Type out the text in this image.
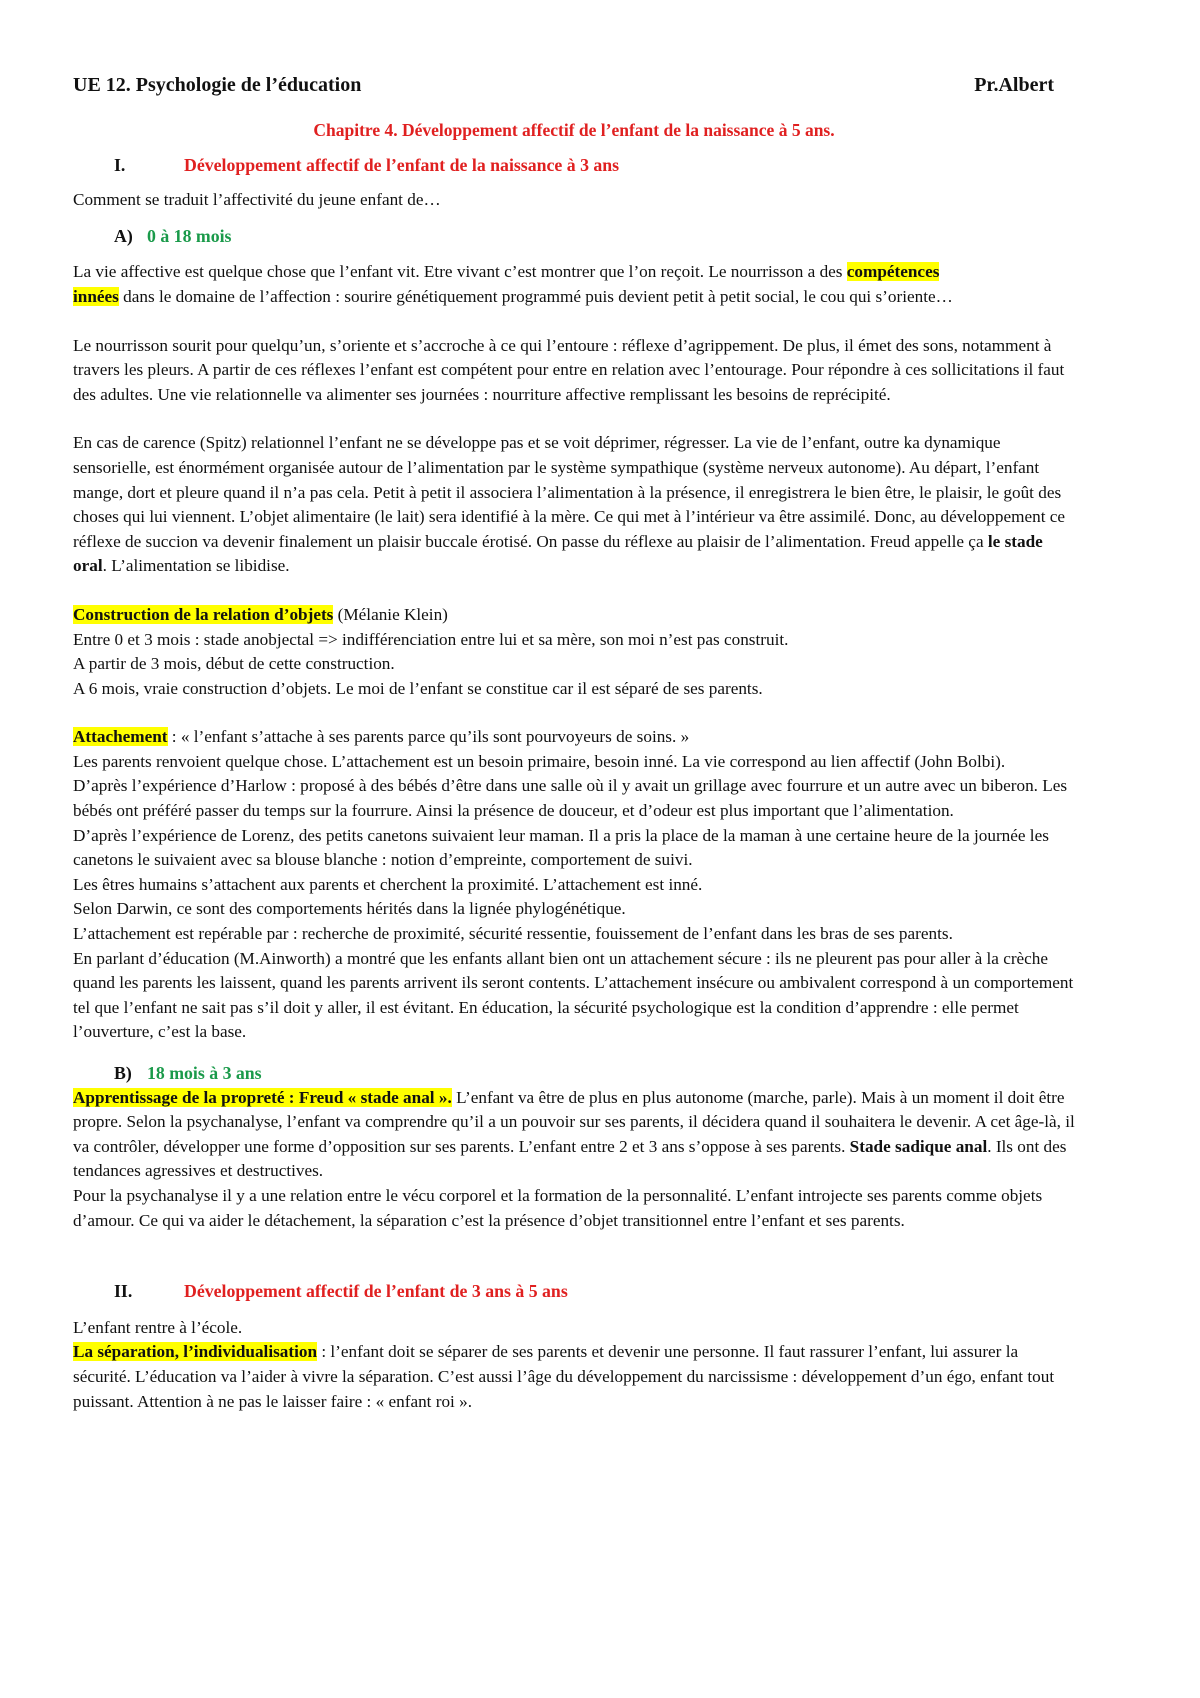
UE 12. Psychologie de l’éducation	Pr.Albert
Chapitre 4. Développement affectif de l’enfant de la naissance à 5 ans.
I.	Développement affectif de l’enfant de la naissance à 3 ans

Comment se traduit l’affectivité du jeune enfant de…

A) 0 à 18 mois

La vie affective est quelque chose que l’enfant vit. Etre vivant c’est montrer que l’on reçoit. Le nourrisson a des compétences
innées dans le domaine de l’affection : sourire génétiquement programmé puis devient petit à petit social, le cou qui s’oriente…

Le nourrisson sourit pour quelqu’un, s’oriente et s’accroche à ce qui l’entoure : réflexe d’agrippement. De plus, il émet des sons, notamment à travers les pleurs. A partir de ces réflexes l’enfant est compétent pour entre en relation avec l’entourage. Pour répondre à ces sollicitations il faut des adultes. Une vie relationnelle va alimenter ses journées : nourriture affective remplissant les besoins de reprécipité.

En cas de carence (Spitz) relationnel l’enfant ne se développe pas et se voit déprimer, régresser. La vie de l’enfant, outre ka dynamique sensorielle, est énormément organisée autour de l’alimentation par le système sympathique (système nerveux autonome). Au départ, l’enfant mange, dort et pleure quand il n’a pas cela. Petit à petit il associera l’alimentation à la présence, il enregistrera le bien être, le plaisir, le goût des choses qui lui viennent. L’objet alimentaire (le lait) sera identifié à la mère. Ce qui met à l’intérieur va être assimilé. Donc, au développement ce réflexe de succion va devenir finalement un plaisir buccale érotisé. On passe du réflexe au plaisir de l’alimentation. Freud appelle ça le stade oral. L’alimentation se libidise.

Construction de la relation d’objets (Mélanie Klein)

Entre 0 et 3 mois : stade anobjectal => indifférenciation entre lui et sa mère, son moi n’est pas construit.

A partir de 3 mois, début de cette construction.

A 6 mois, vraie construction d’objets. Le moi de l’enfant se constitue car il est séparé de ses parents.

Attachement : « l’enfant s’attache à ses parents parce qu’ils sont pourvoyeurs de soins. »

Les parents renvoient quelque chose. L’attachement est un besoin primaire, besoin inné. La vie correspond au lien affectif (John Bolbi).

D’après l’expérience d’Harlow : proposé à des bébés d’être dans une salle où il y avait un grillage avec fourrure et un autre avec un biberon. Les bébés ont préféré passer du temps sur la fourrure. Ainsi la présence de douceur, et d’odeur est plus important que l’alimentation.

D’après l’expérience de Lorenz, des petits canetons suivaient leur maman. Il a pris la place de la maman à une certaine heure de la journée les canetons le suivaient avec sa blouse blanche : notion d’empreinte, comportement de suivi.

Les êtres humains s’attachent aux parents et cherchent la proximité. L’attachement est inné.

Selon Darwin, ce sont des comportements hérités dans la lignée phylogénétique.

L’attachement est repérable par : recherche de proximité, sécurité ressentie, fouissement de l’enfant dans les bras de ses parents.

En parlant d’éducation (M.Ainworth) a montré que les enfants allant bien ont un attachement sécure : ils ne pleurent pas pour aller à la crèche quand les parents les laissent, quand les parents arrivent ils seront contents. L’attachement insécure ou ambivalent correspond à un comportement tel que l’enfant ne sait pas s’il doit y aller, il est évitant. En éducation, la sécurité psychologique est la condition d’apprendre : elle permet l’ouverture, c’est la base.

B) 18 mois à 3 ans

Apprentissage de la propreté : Freud « stade anal ». L’enfant va être de plus en plus autonome (marche, parle). Mais à un moment il doit être propre. Selon la psychanalyse, l’enfant va comprendre qu’il a un pouvoir sur ses parents, il décidera quand il souhaitera le devenir. A cet âge-là, il va contrôler, développer une forme d’opposition sur ses parents. L’enfant entre 2 et 3 ans s’oppose à ses parents. Stade sadique anal. Ils ont des tendances agressives et destructives.

Pour la psychanalyse il y a une relation entre le vécu corporel et la formation de la personnalité. L’enfant introjecte ses parents comme objets d’amour. Ce qui va aider le détachement, la séparation c’est la présence d’objet transitionnel entre l’enfant et ses parents.

II.	Développement affectif de l’enfant de 3 ans à 5 ans

L’enfant rentre à l’école.

La séparation, l’individualisation : l’enfant doit se séparer de ses parents et devenir une personne. Il faut rassurer l’enfant, lui assurer la sécurité. L’éducation va l’aider à vivre la séparation. C’est aussi l’âge du développement du narcissisme : développement d’un égo, enfant tout puissant. Attention à ne pas le laisser faire : « enfant roi ».
